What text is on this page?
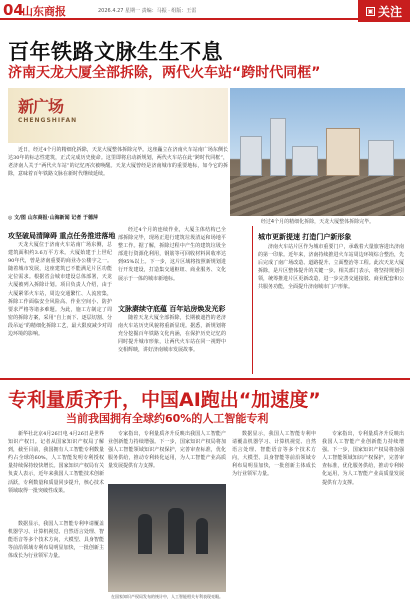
04
山东商报	2026.4.27 星期一 责编：马振 · 组版：王雷	▣ 关注
百年铁路文脉生生不息
济南天龙大厦全部拆除，两代火车站“跨时代同框”
新广场
CHENGSHIFAN
近日，经过4个月的精细化拆除，天龙大厦整体拆除完毕。这座矗立在济南火车站南广场东侧长达30年的标志性建筑，正式完成历史使命。这里即将启动新规划，两代火车站在此“跨时代同框”，老济南人关于“两代火车站”的记忆再次被唤醒。天龙大厦曾经是济南城市的重要地标，如今它的拆除，意味着百年铁路文脉在新时代继续延续。
◎ 文/图 山东商报·山海新闻 记者 于德萍
经过4个月的精细化拆除，天龙大厦整体拆除完毕。
攻坚破局清障碍 重点任务推进落地
天龙大厦位于济南火车站南广场东侧，总建筑面积约3.6万平方米。大厦始建于上世纪90年代，曾是济南重要的商业办公楼宇之一。随着城市发展，这座建筑已不能满足片区功能定位需求。根据省会城市建设总体部署，天龙大厦被列入拆除计划。项目负责人介绍，由于大厦紧邻火车站，周边交通繁忙、人流密集，拆除工作面临安全风险高、作业空间小、防护要求严格等诸多难题。为此，施工方制定了周密的拆除方案，采用“自上而下、逐层切割、分段吊运”的精细化拆除工艺，最大限度减少对周边环境的影响。
经过4个月的连续作业，大厦主体结构已全部拆除完毕，现场正进行建筑垃圾清运和场地平整工作。据了解，拆除过程中产生的建筑垃圾全部进行资源化利用，钢筋等可回收材料回收率达到95%以上。下一步，这片区域将按照新规划进行开发建设，打造集交通枢纽、商业服务、文化展示于一体的城市新地标。
文脉赓续守底蕴 百年站房焕发光彩
随着天龙大厦全部拆除，长期被遮挡的老济南火车站历史风貌将重新显现。据悉，新规划将充分挖掘百年铁路文化内涵，在保护历史记忆的同时提升城市形象，让两代火车站在同一视野中交相辉映，讲好济南城市发展故事。
城市更新提速 打造门户新形象
济南火车站片区作为城市重要门户，承载着大量旅客进出济南的第一印象。近年来，济南持续推进火车站周边环境综合整治，先后完成了南广场改造、道路提升、立面整治等工程。此次天龙大厦拆除，是片区整体提升的关键一步。相关部门表示，将坚持规划引领，统筹推进片区更新改造，进一步完善交通接驳、商业配套和公共服务功能，全面提升济南城市门户形象。
专利量质齐升，中国AI跑出“加速度”
当前我国拥有全球约60%的人工智能专利
新华社北京4月26日电 4月26日是世界知识产权日。记者从国家知识产权局了解到，截至目前，我国拥有人工智能专利数量约占全球的60%，人工智能发明专利授权量持续保持较快增长。国家知识产权局有关负责人表示，近年来我国人工智能技术创新活跃，专利数量和质量同步提升，核心技术领域取得一批突破性成果。
数据显示，我国人工智能专利申请覆盖机器学习、计算机视觉、自然语言处理、智能语音等多个技术方向，大模型、具身智能等前沿领域专利布局明显加快，一批创新主体成长为行业领军力量。
专家指出，专利量质齐升反映出我国人工智能产业创新能力持续增强。下一步，国家知识产权局将加强人工智能领域知识产权保护，完善审查标准，优化服务供给，推动专利转化运用，为人工智能产业高质量发展提供有力支撑。
在国家知识产权局发布的统计中，人工智能相关专利表现亮眼。
数据显示，我国人工智能专利申请覆盖机器学习、计算机视觉、自然语言处理、智能语音等多个技术方向，大模型、具身智能等前沿领域专利布局明显加快，一批创新主体成长为行业领军力量。
专家指出，专利量质齐升反映出我国人工智能产业创新能力持续增强。下一步，国家知识产权局将加强人工智能领域知识产权保护，完善审查标准，优化服务供给，推动专利转化运用，为人工智能产业高质量发展提供有力支撑。
